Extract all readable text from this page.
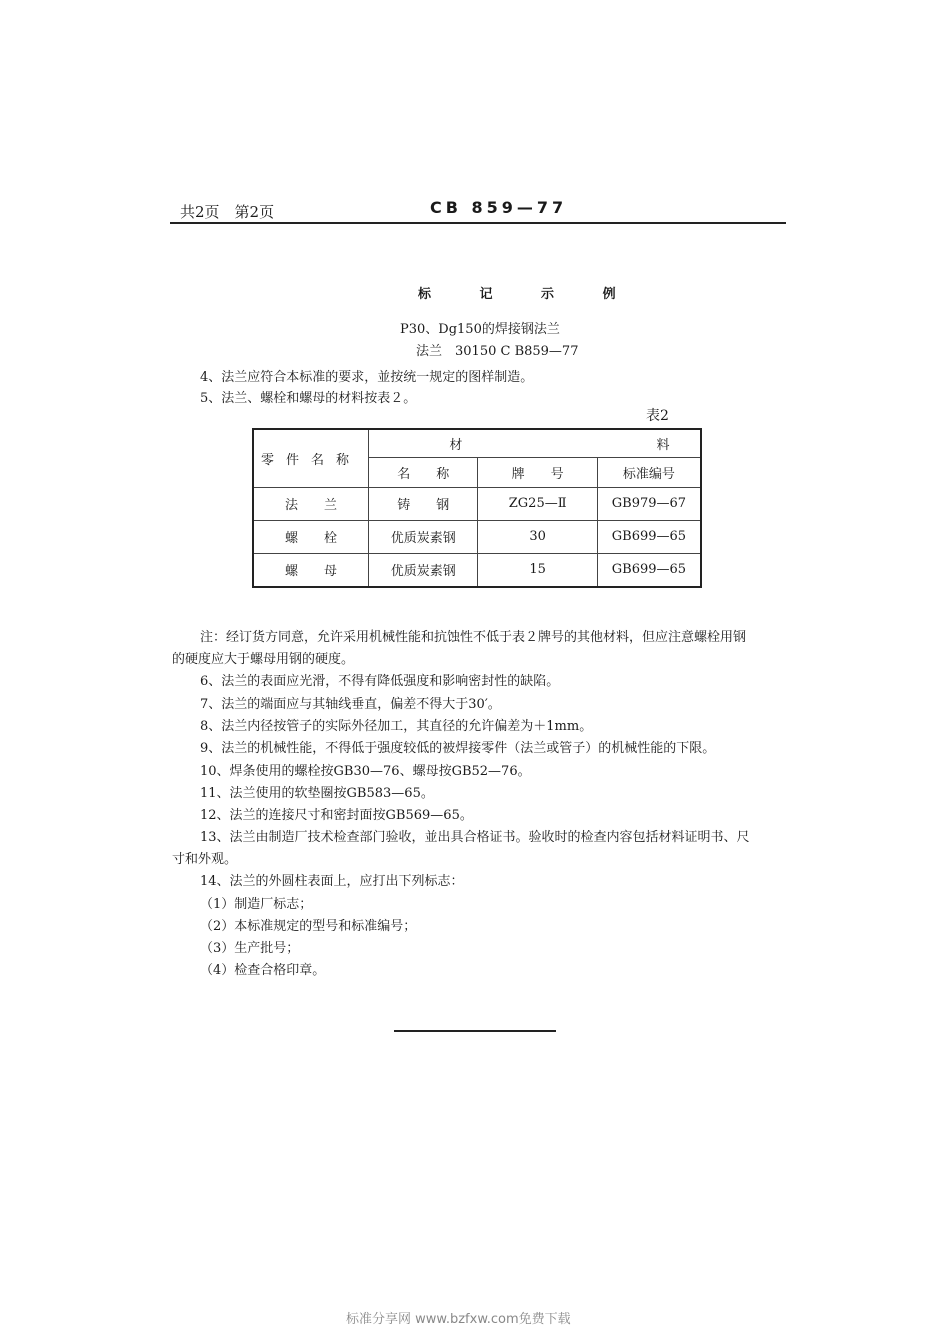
共2页　第2页	CB 859—77
标 记 示 例
P30、Dg150的焊接钢法兰
法兰　30150 C B859—77
4、法兰应符合本标准的要求，並按统一规定的图样制造。
5、法兰、螺栓和螺母的材料按表２。
表2
零件名称	材 料		
	名　　称	牌　　号	标准编号
法　　兰	铸　　钢	ZG25—Ⅱ	GB979—67
螺　　栓	优质炭素钢	30	GB699—65
螺　　母	优质炭素钢	15	GB699—65
注：经订货方同意，允许采用机械性能和抗蚀性不低于表２牌号的其他材料，但应注意螺栓用钢
的硬度应大于螺母用钢的硬度。
6、法兰的表面应光滑，不得有降低强度和影响密封性的缺陷。
7、法兰的端面应与其轴线垂直，偏差不得大于30′。
8、法兰内径按管子的实际外径加工，其直径的允许偏差为＋1mm。
9、法兰的机械性能，不得低于强度较低的被焊接零件（法兰或管子）的机械性能的下限。
10、焊条使用的螺栓按GB30—76、螺母按GB52—76。
11、法兰使用的软垫圈按GB583—65。
12、法兰的连接尺寸和密封面按GB569—65。
13、法兰由制造厂技术检查部门验收，並出具合格证书。验收时的检查内容包括材料证明书、尺
寸和外观。
14、法兰的外圆柱表面上，应打出下列标志：
（1）制造厂标志；
（2）本标准规定的型号和标准编号；
（3）生产批号；
（4）检查合格印章。
标准分享网 www.bzfxw.com免费下载
